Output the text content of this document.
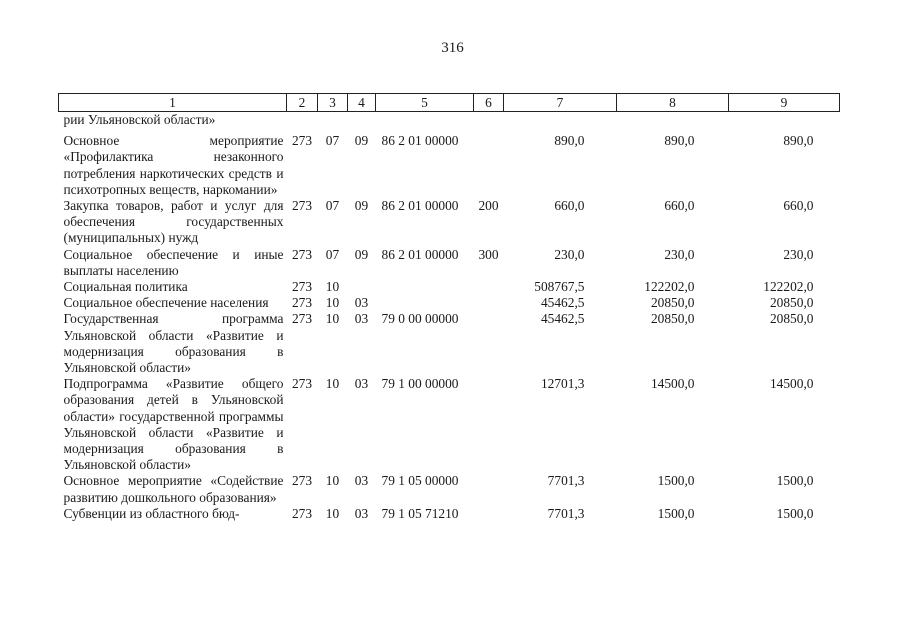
316
1	2	3	4	5	6	7	8	9
рии Ульяновской области»								
Основное мероприятие «Профилактика незаконного потребления наркотических средств и психотропных веществ, наркомании»	273	07	09	86 2 01 00000		890,0	890,0	890,0
Закупка товаров, работ и услуг для обеспечения государственных (муниципальных) нужд	273	07	09	86 2 01 00000	200	660,0	660,0	660,0
Социальное обеспечение и иные выплаты населению	273	07	09	86 2 01 00000	300	230,0	230,0	230,0
Социальная политика	273	10				508767,5	122202,0	122202,0
Социальное обеспечение населения	273	10	03			45462,5	20850,0	20850,0
Государственная программа Ульяновской области «Развитие и модернизация образования в Ульяновской области»	273	10	03	79 0 00 00000		45462,5	20850,0	20850,0
Подпрограмма «Развитие общего образования детей в Ульяновской области» государственной программы Ульяновской области «Развитие и модернизация образования в Ульяновской области»	273	10	03	79 1 00 00000		12701,3	14500,0	14500,0
Основное мероприятие «Содействие развитию дошкольного образования»	273	10	03	79 1 05 00000		7701,3	1500,0	1500,0
Субвенции из областного бюд-	273	10	03	79 1 05 71210		7701,3	1500,0	1500,0
